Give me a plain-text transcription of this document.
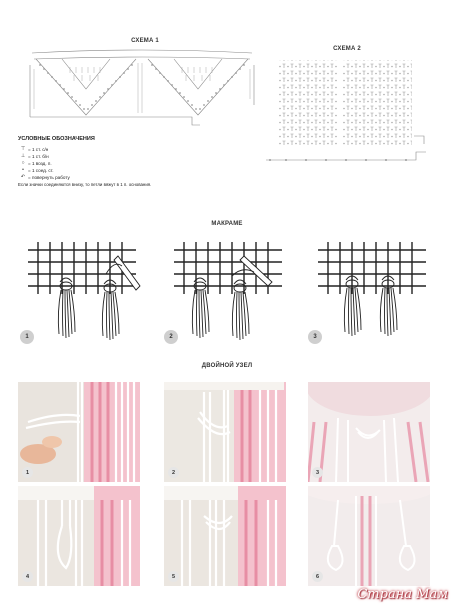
СХЕМА 1
СХЕМА 2
УСЛОВНЫЕ ОБОЗНАЧЕНИЯ
⊤ = 1 ст. с/н
⊥ = 1 ст. б/н
○ = 1 возд. п.
• = 1 соед. ст.
↶ = повернуть работу
Если значки соединяются внизу, то петли вяжут в 1 п. основания.
МАКРАМЕ
1	2	3
ДВОЙНОЙ УЗЕЛ
1	2	3
4	5	6
Страна Мам
